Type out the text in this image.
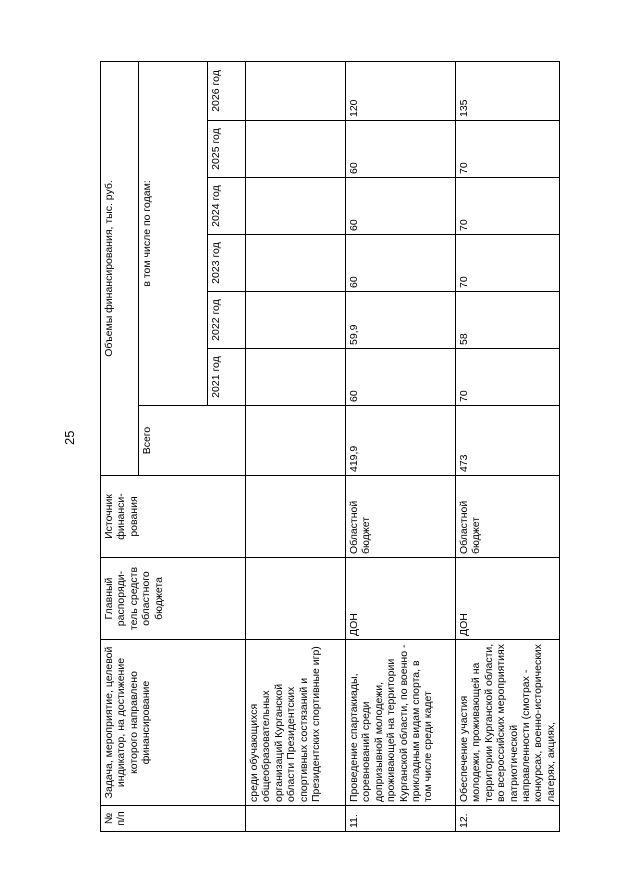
25
№ п/п	Задача, мероприятие, целевой индикатор, на достижение которого направлено финансирование	Главный распоряди-тель средств областного бюджета	Источник финанси-рования	Объемы финансирования, тыс. руб.						
				Всего	в том числе по годам:					
					2021 год	2022 год	2023 год	2024 год	2025 год	2026 год
	среди обучающихся общеобразовательных организаций Курганской области Президентских спортивных состязаний и Президентских спортивные игр)									
11.	Проведение спартакиады, соревнований среди допризывной молодежи, проживающей на территории Курганской области, по военно - прикладным видам спорта, в том числе среди кадет	ДОН	Областной бюджет	419,9	60	59,9	60	60	60	120
12.	Обеспечение участия молодежи, проживающей на территории Курганской области, во всероссийских мероприятиях патриотической направленности (смотрах - конкурсах, военно-исторических лагерях, акциях,	ДОН	Областной бюджет	473	70	58	70	70	70	135
